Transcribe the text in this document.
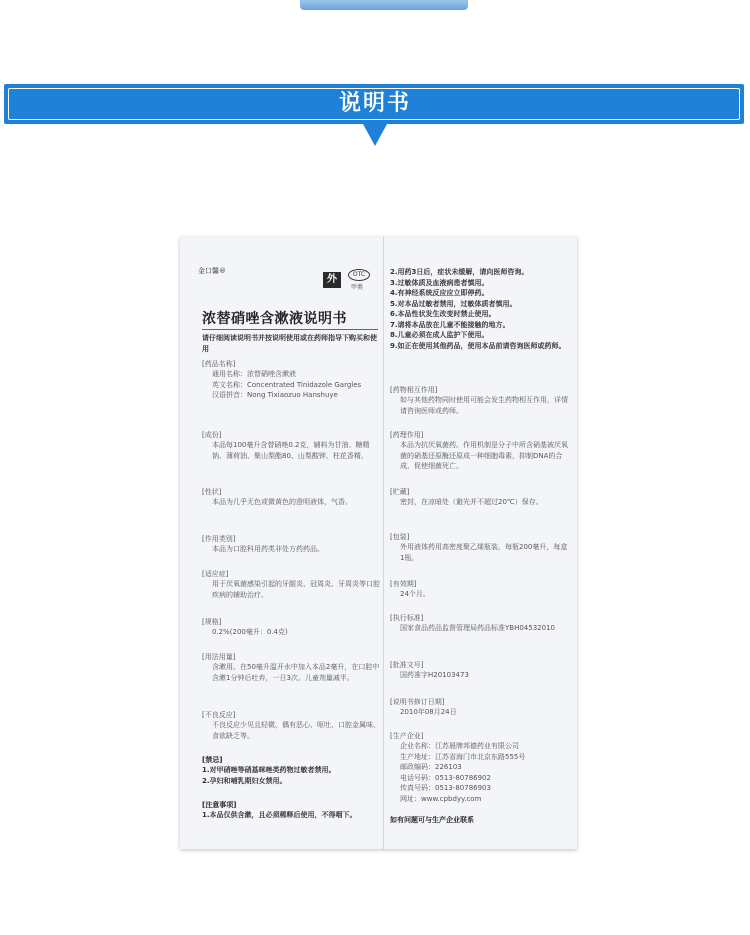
说明书
金口馨®
外	OTC
甲类
浓替硝唑含漱液说明书
请仔细阅读说明书并按说明使用或在药师指导下购买和使用
[药品名称]
通用名称：浓替硝唑含漱液
英文名称：Concentrated Tinidazole Gargles
汉语拼音：Nong Tixiaozuo Hanshuye
[成份]
本品每100毫升含替硝唑0.2克，辅料为甘油、糖精钠、薄荷油、聚山梨酯80、山梨酸钾、柱花香精。
[性状]
本品为几乎无色或微黄色的澄明液体，气香。
[作用类别]
本品为口腔科用药类非处方药药品。
[适应症]
用于厌氧菌感染引起的牙龈炎、冠周炎、牙周炎等口腔疾病的辅助治疗。
[规格]
0.2%(200毫升：0.4克)
[用法用量]
含漱用。在50毫升温开水中加入本品2毫升，在口腔中含漱1分钟后吐弃，一日3次。儿童剂量减半。
[不良反应]
不良反应少见且轻微，偶有恶心、呕吐、口腔金属味、食欲缺乏等。
[禁忌]
1.对甲硝唑等硝基咪唑类药物过敏者禁用。
2.孕妇和哺乳期妇女禁用。
[注意事项]
1.本品仅供含漱，且必须稀释后使用，不得咽下。
2.用药3日后，症状未缓解，请向医师咨询。
3.过敏体质及血液病患者慎用。
4.有神经系统反应应立即停药。
5.对本品过敏者禁用，过敏体质者慎用。
6.本品性状发生改变时禁止使用。
7.请将本品放在儿童不能接触的地方。
8.儿童必须在成人监护下使用。
9.如正在使用其他药品，使用本品前请咨询医师或药师。
[药物相互作用]
如与其他药物同时使用可能会发生药物相互作用，详情请咨询医师或药师。
[药理作用]
本品为抗厌氧菌药。作用机制是分子中所含硝基被厌氧菌的硝基还原酶还原成一种细胞毒素，抑制DNA的合成，促使细菌死亡。
[贮藏]
密封，在凉暗处（避光并不超过20℃）保存。
[包装]
外用液体药用高密度聚乙烯瓶装，每瓶200毫升，每盒1瓶。
[有效期]
24个月。
[执行标准]
国家食品药品监督管理局药品标准YBH04532010
[批准文号]
国药准字H20103473
[说明书修订日期]
2010年08月24日
[生产企业]
企业名称：江苏晨牌邦德药业有限公司
生产地址：江苏省海门市北京东路555号
邮政编码：226103
电话号码：0513-80786902
传真号码：0513-80786903
网址：www.cpbdyy.com
如有问题可与生产企业联系
